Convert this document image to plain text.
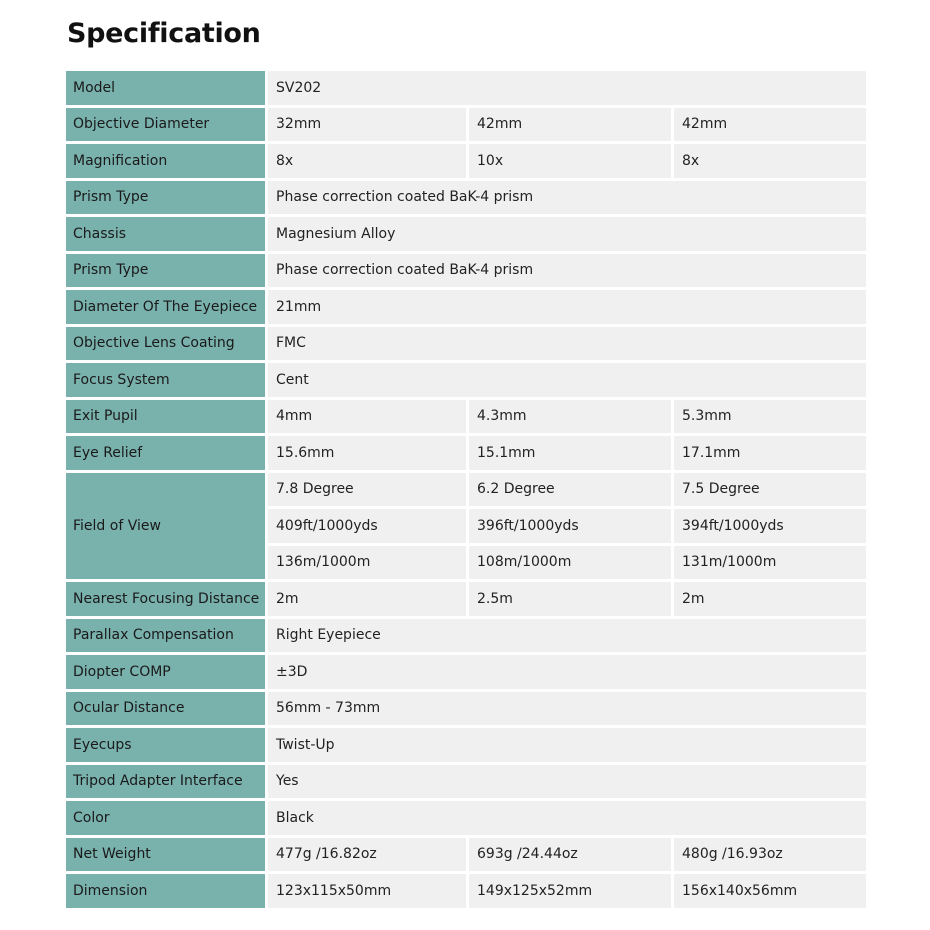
Specification
Model	SV202
Objective Diameter	32mm	42mm	42mm
Magnification	8x	10x	8x
Prism Type	Phase correction coated BaK-4 prism
Chassis	Magnesium Alloy
Prism Type	Phase correction coated BaK-4 prism
Diameter Of The Eyepiece	21mm
Objective Lens Coating	FMC
Focus System	Cent
Exit Pupil	4mm	4.3mm	5.3mm
Eye Relief	15.6mm	15.1mm	17.1mm
Field of View
7.8 Degree	6.2 Degree	7.5 Degree
409ft/1000yds	396ft/1000yds	394ft/1000yds
136m/1000m	108m/1000m	131m/1000m
Nearest Focusing Distance	2m	2.5m	2m
Parallax Compensation	Right Eyepiece
Diopter COMP	±3D
Ocular Distance	56mm - 73mm
Eyecups	Twist-Up
Tripod Adapter Interface	Yes
Color	Black
Net Weight	477g /16.82oz	693g /24.44oz	480g /16.93oz
Dimension	123x115x50mm	149x125x52mm	156x140x56mm
